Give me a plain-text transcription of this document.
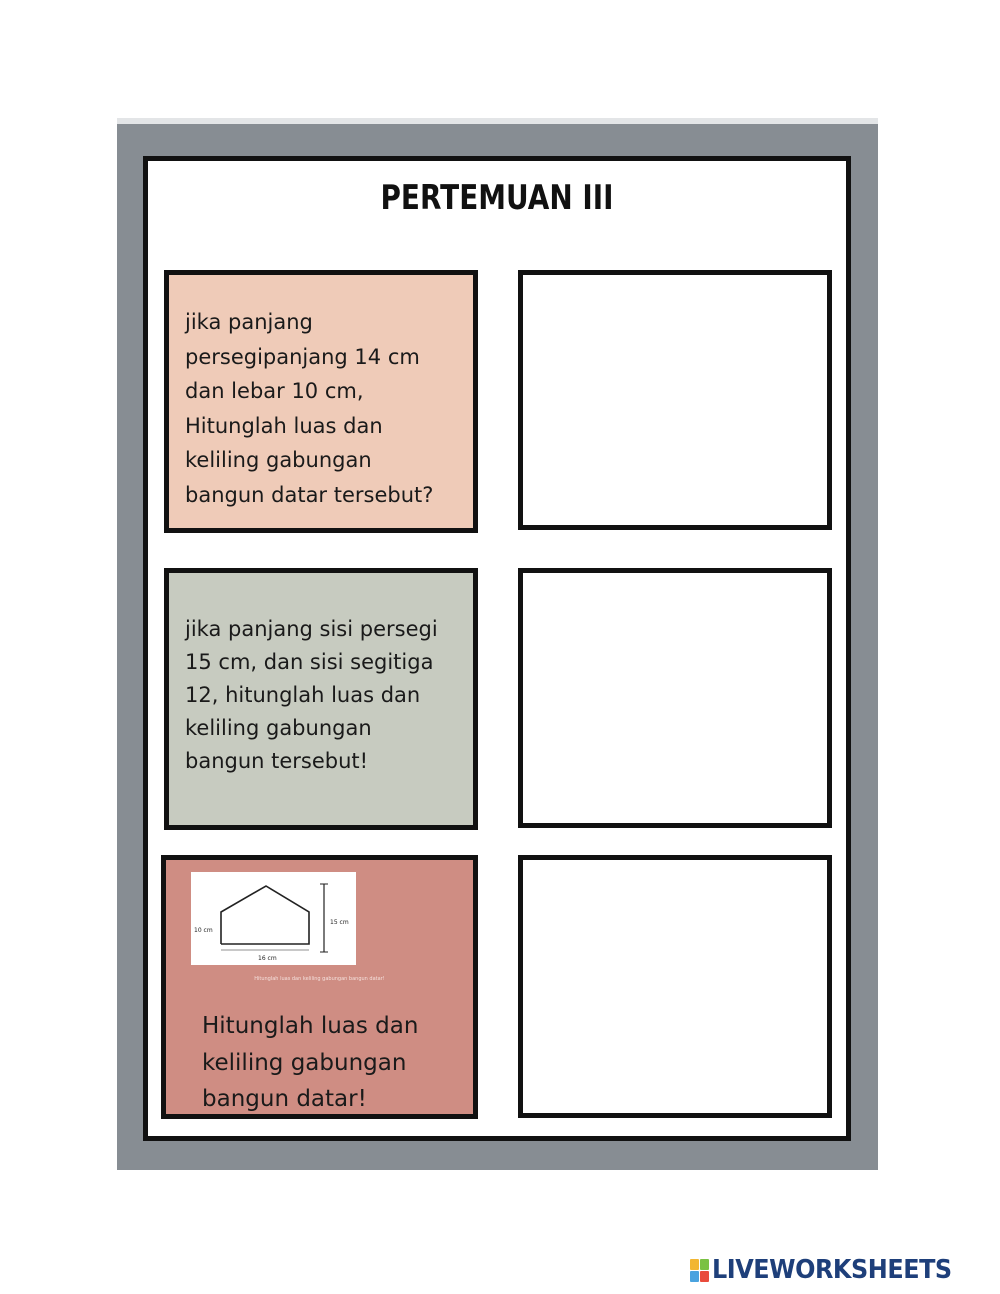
PERTEMUAN III
jika panjang
persegipanjang 14 cm
dan lebar 10 cm,
Hitunglah luas dan
keliling gabungan
bangun datar tersebut?
jika panjang sisi persegi
15 cm, dan sisi segitiga
12, hitunglah luas dan
keliling gabungan
bangun tersebut!
10 cm
15 cm
16 cm
Hitunglah luas dan keliling gabungan bangun datar!
Hitunglah luas dan
keliling gabungan
bangun datar!
LIVEWORKSHEETS
